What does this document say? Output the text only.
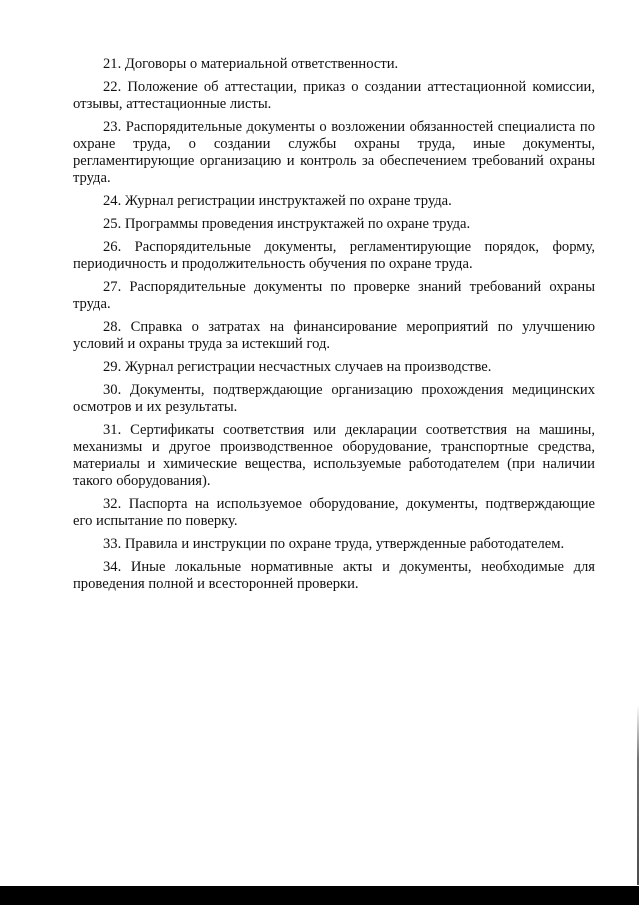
21. Договоры о материальной ответственности.

22. Положение об аттестации, приказ о создании аттестационной комиссии, отзывы, аттестационные листы.

23. Распорядительные документы о возложении обязанностей специалиста по охране труда, о создании службы охраны труда, иные документы, регламентирующие организацию и контроль за обеспечением требований охраны труда.

24. Журнал регистрации инструктажей по охране труда.

25. Программы проведения инструктажей по охране труда.

26. Распорядительные документы, регламентирующие порядок, форму, периодичность и продолжительность обучения по охране труда.

27. Распорядительные документы по проверке знаний требований охраны труда.

28. Справка о затратах на финансирование мероприятий по улучшению условий и охраны труда за истекший год.

29. Журнал регистрации несчастных случаев на производстве.

30. Документы, подтверждающие организацию прохождения медицинских осмотров и их результаты.

31. Сертификаты соответствия или декларации соответствия на машины, механизмы и другое производственное оборудование, транспортные средства, материалы и химические вещества, используемые работодателем (при наличии такого оборудования).

32. Паспорта на используемое оборудование, документы, подтверждающие его испытание по поверку.

33. Правила и инструкции по охране труда, утвержденные работодателем.

34. Иные локальные нормативные акты и документы, необходимые для проведения полной и всесторонней проверки.
